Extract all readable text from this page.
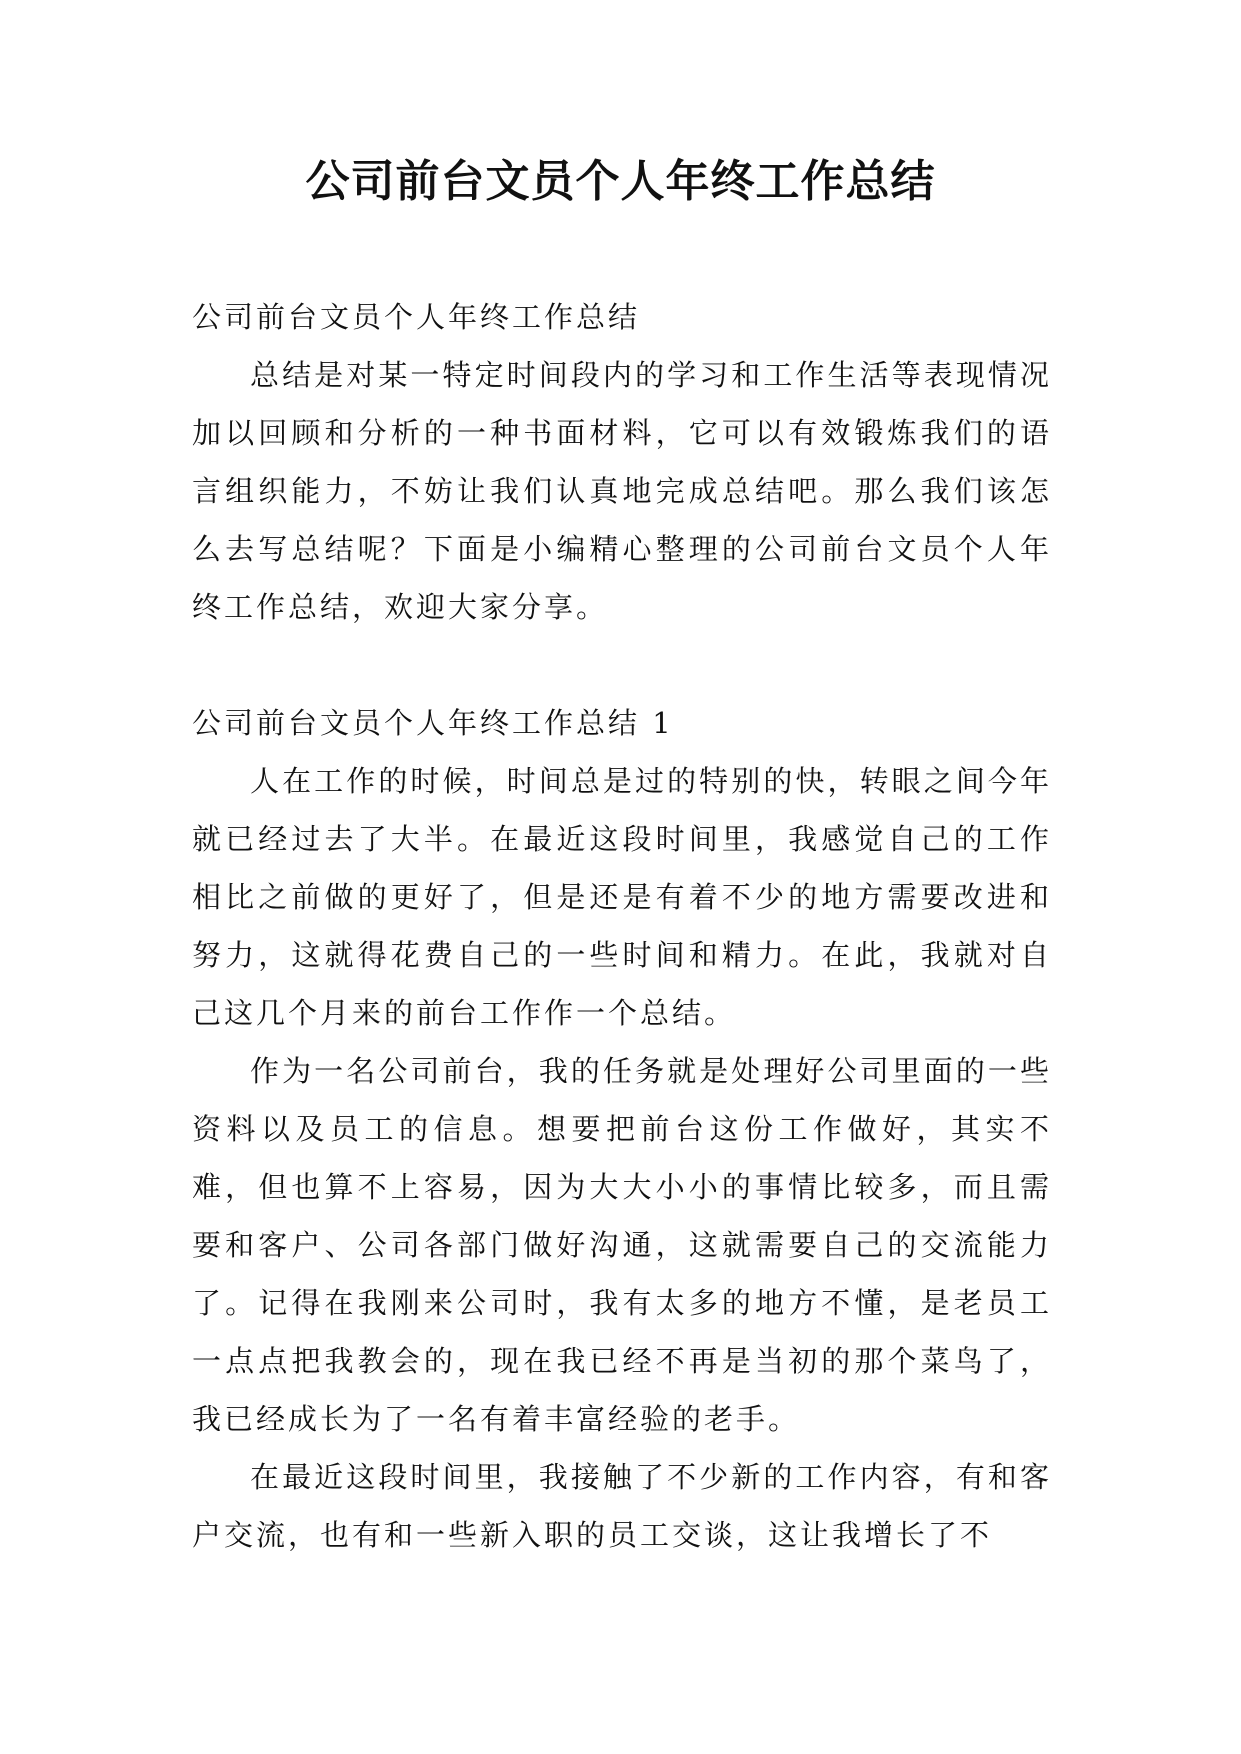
公司前台文员个人年终工作总结

公司前台文员个人年终工作总结

总结是对某一特定时间段内的学习和工作生活等表现情况加以回顾和分析的一种书面材料，它可以有效锻炼我们的语言组织能力，不妨让我们认真地完成总结吧。那么我们该怎么去写总结呢？下面是小编精心整理的公司前台文员个人年终工作总结，欢迎大家分享。

公司前台文员个人年终工作总结 1

人在工作的时候，时间总是过的特别的快，转眼之间今年就已经过去了大半。在最近这段时间里，我感觉自己的工作相比之前做的更好了，但是还是有着不少的地方需要改进和努力，这就得花费自己的一些时间和精力。在此，我就对自己这几个月来的前台工作作一个总结。

作为一名公司前台，我的任务就是处理好公司里面的一些资料以及员工的信息。想要把前台这份工作做好，其实不难，但也算不上容易，因为大大小小的事情比较多，而且需要和客户、公司各部门做好沟通，这就需要自己的交流能力了。记得在我刚来公司时，我有太多的地方不懂，是老员工一点点把我教会的，现在我已经不再是当初的那个菜鸟了，我已经成长为了一名有着丰富经验的老手。

在最近这段时间里，我接触了不少新的工作内容，有和客户交流，也有和一些新入职的员工交谈，这让我增长了不
